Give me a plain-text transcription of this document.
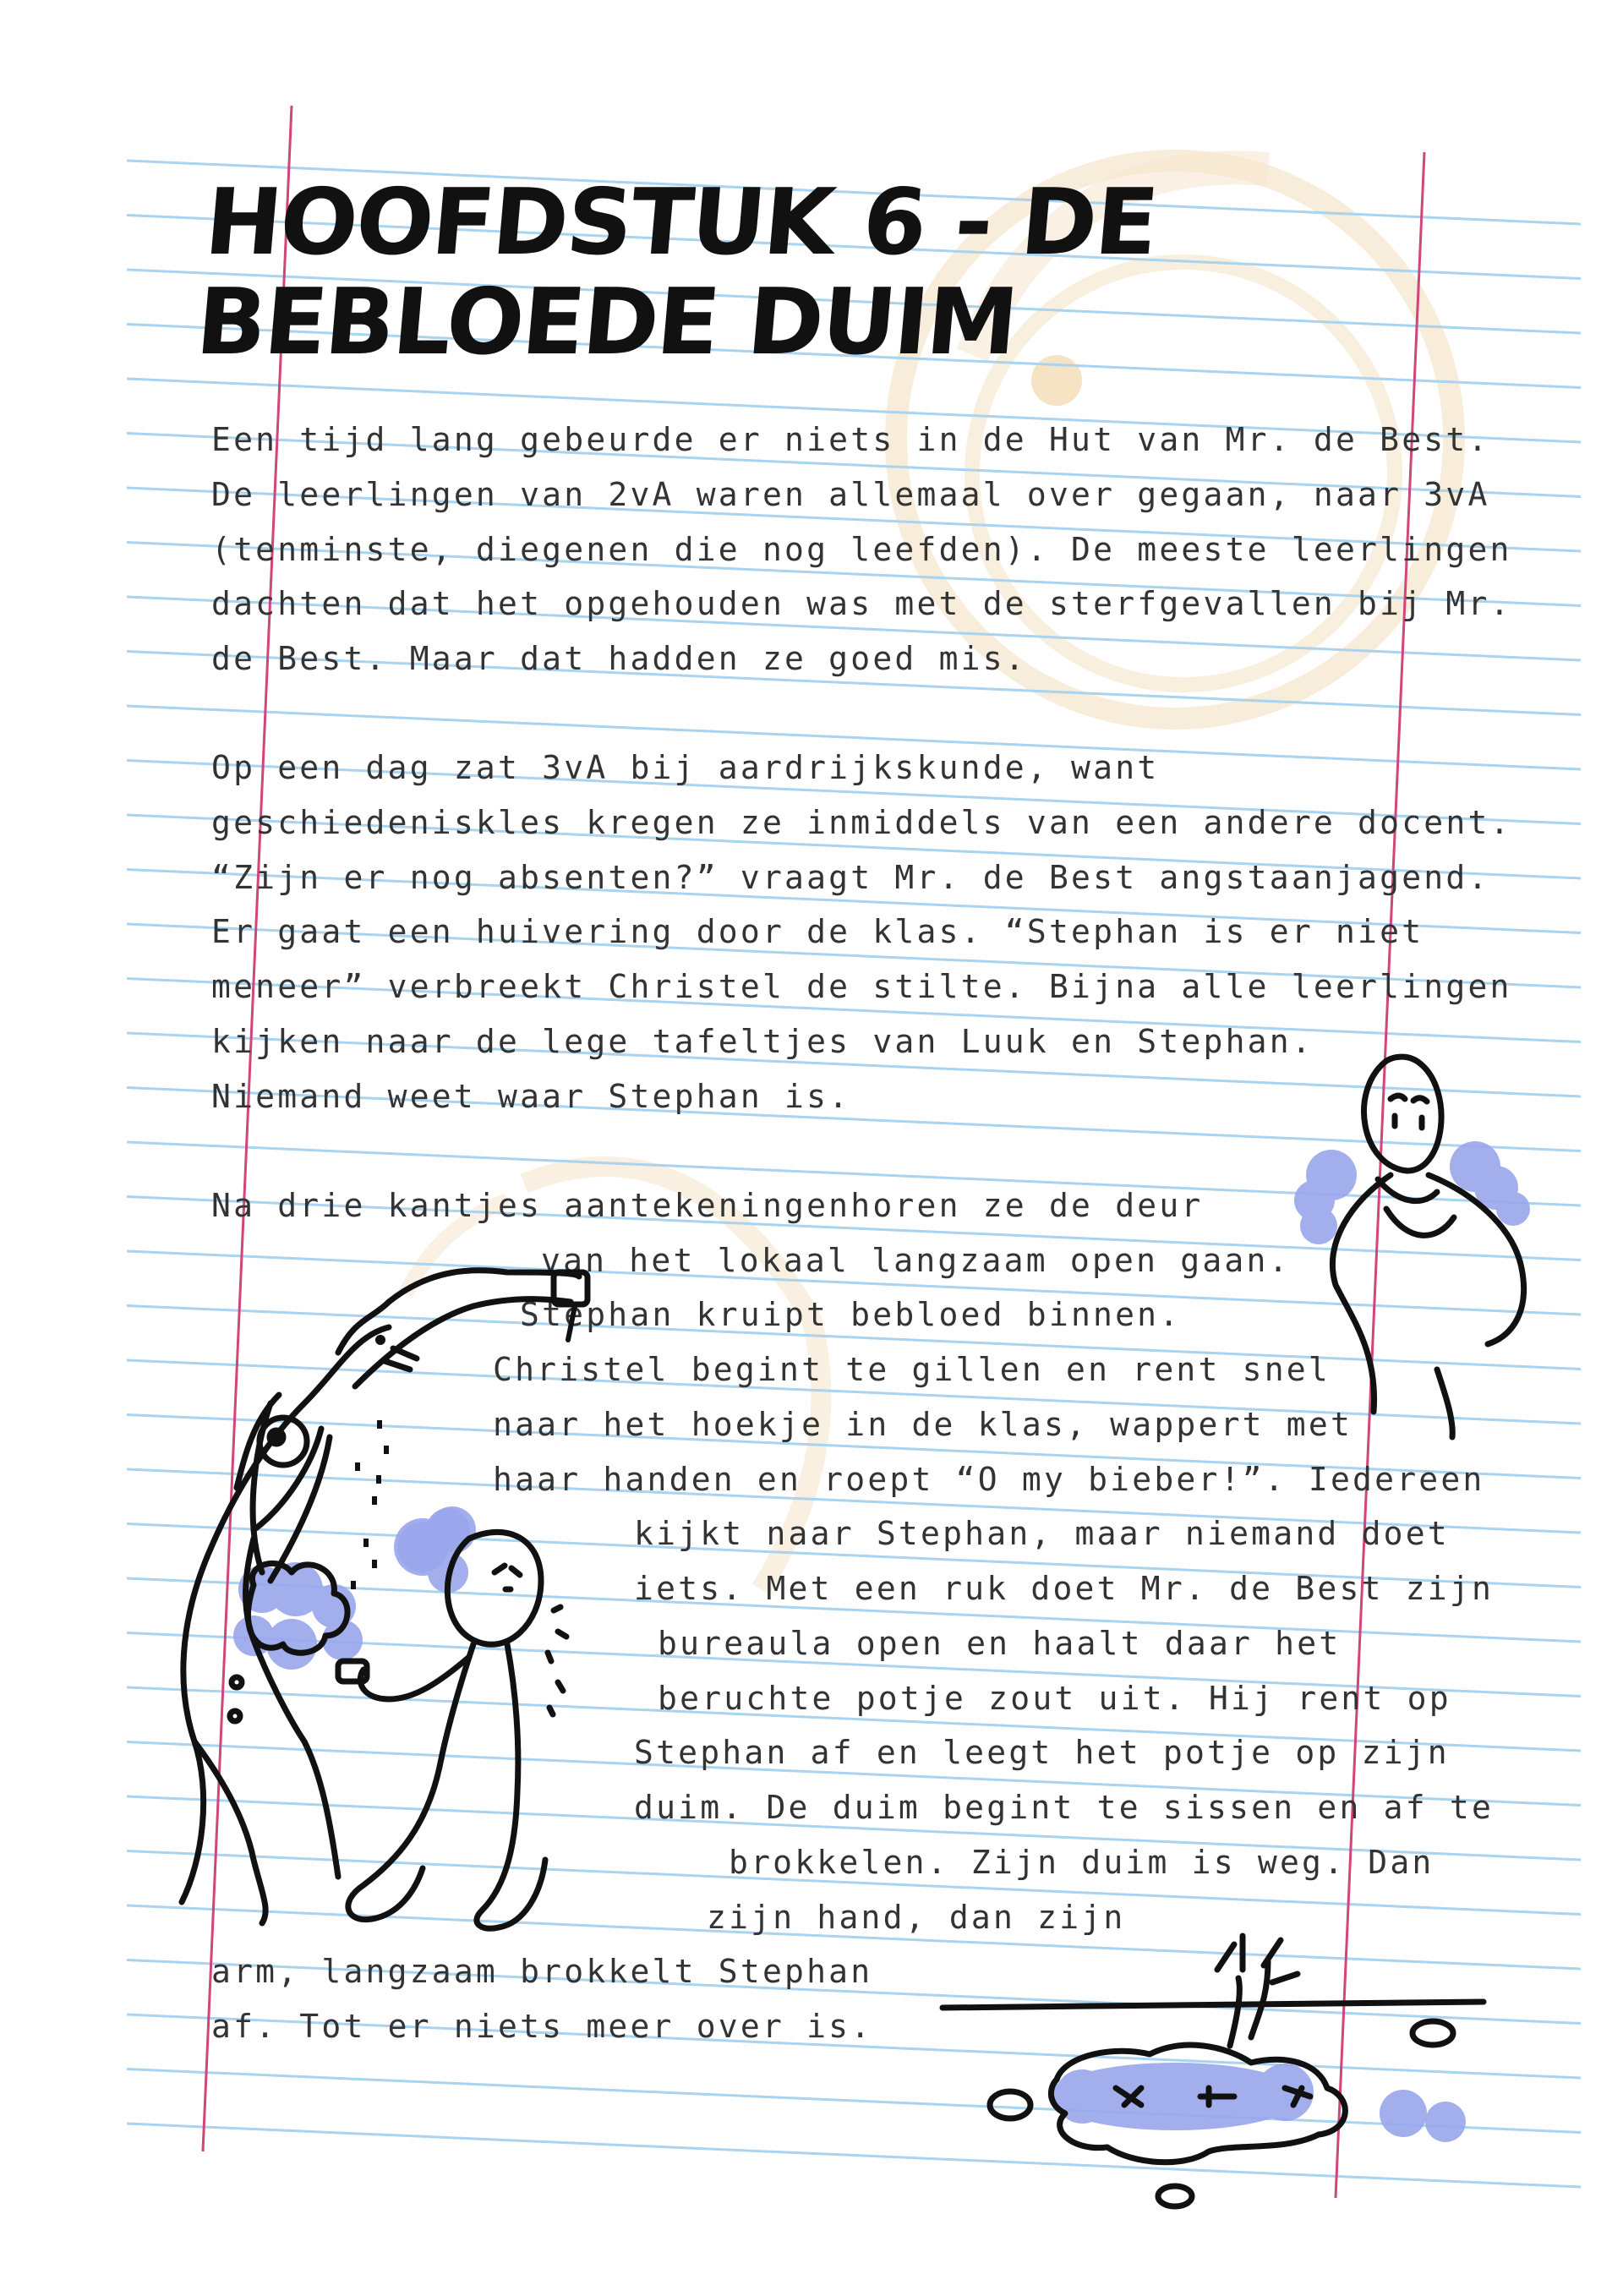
HOOFDSTUK 6 - DE BEBLOEDE DUIM
Een tijd lang gebeurde er niets in de Hut van Mr. de Best.
De leerlingen van 2vA waren allemaal over gegaan, naar 3vA
(tenminste, diegenen die nog leefden). De meeste leerlingen
dachten dat het opgehouden was met de sterfgevallen bij Mr.
de Best. Maar dat hadden ze goed mis.
Op een dag zat 3vA bij aardrijkskunde, want
geschiedeniskles kregen ze inmiddels van een andere docent.
“Zijn er nog absenten?” vraagt Mr. de Best angstaanjagend.
Er gaat een huivering door de klas. “Stephan is er niet
meneer” verbreekt Christel de stilte. Bijna alle leerlingen
kijken naar de lege tafeltjes van Luuk en Stephan.
Niemand weet waar Stephan is.
Na drie kantjes aantekeningenhoren ze de deur
van het lokaal langzaam open gaan.
Stephan kruipt bebloed binnen.
Christel begint te gillen en rent snel
naar het hoekje in de klas, wappert met
haar handen en roept “O my bieber!”. Iedereen
kijkt naar Stephan, maar niemand doet
iets. Met een ruk doet Mr. de Best zijn
bureaula open en haalt daar het
beruchte potje zout uit. Hij rent op
Stephan af en leegt het potje op zijn
duim. De duim begint te sissen en af te
brokkelen. Zijn duim is weg. Dan
zijn hand, dan zijn
arm, langzaam brokkelt Stephan
af. Tot er niets meer over is.
